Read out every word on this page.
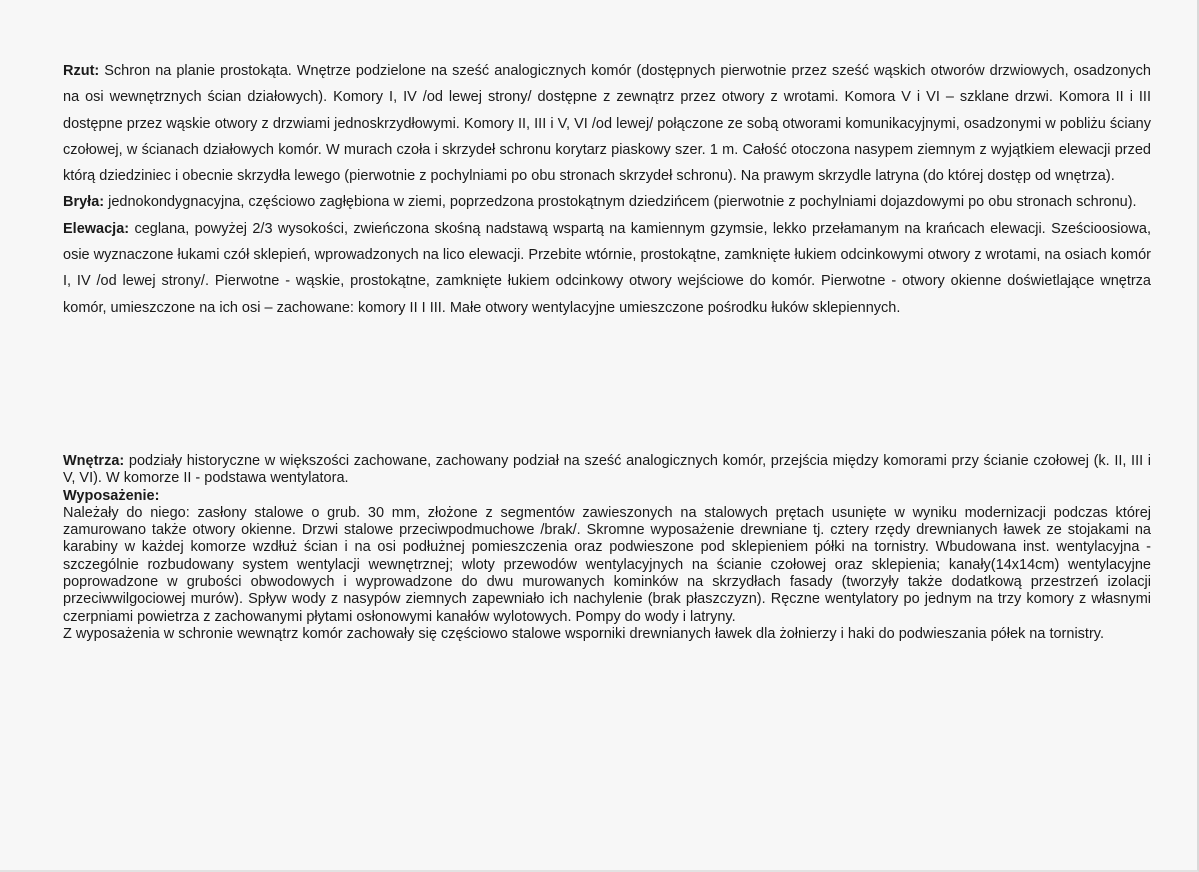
Rzut: Schron na planie prostokąta. Wnętrze podzielone na sześć analogicznych komór (dostępnych pierwotnie przez sześć wąskich otworów drzwiowych, osadzonych na osi wewnętrznych ścian działowych). Komory I, IV /od lewej strony/ dostępne z zewnątrz przez otwory z wrotami. Komora V i VI – szklane drzwi. Komora II i III dostępne przez wąskie otwory z drzwiami jednoskrzydłowymi. Komory II, III i V, VI /od lewej/ połączone ze sobą otworami komunikacyjnymi, osadzonymi w pobliżu ściany czołowej, w ścianach działowych komór. W murach czoła i skrzydeł schronu korytarz piaskowy szer. 1 m. Całość otoczona nasypem ziemnym z wyjątkiem elewacji przed którą dziedziniec i obecnie skrzydła lewego (pierwotnie z pochylniami po obu stronach skrzydeł schronu). Na prawym skrzydle latryna (do której dostęp od wnętrza).

Bryła: jednokondygnacyjna, częściowo zagłębiona w ziemi, poprzedzona prostokątnym dziedzińcem (pierwotnie z pochylniami dojazdowymi po obu stronach schronu).

Elewacja: ceglana, powyżej 2/3 wysokości, zwieńczona skośną nadstawą wspartą na kamiennym gzymsie, lekko przełamanym na krańcach elewacji. Sześcioosiowa, osie wyznaczone łukami czół sklepień, wprowadzonych na lico elewacji. Przebite wtórnie, prostokątne, zamknięte łukiem odcinkowymi otwory z wrotami, na osiach komór I, IV /od lewej strony/. Pierwotne - wąskie, prostokątne, zamknięte łukiem odcinkowy otwory wejściowe do komór. Pierwotne - otwory okienne doświetlające wnętrza komór, umieszczone na ich osi – zachowane: komory II I III. Małe otwory wentylacyjne umieszczone pośrodku łuków sklepiennych.

Wnętrza: podziały historyczne w większości zachowane, zachowany podział na sześć analogicznych komór, przejścia między komorami przy ścianie czołowej (k. II, III i V, VI). W komorze II - podstawa wentylatora.

Wyposażenie:

Należały do niego: zasłony stalowe o grub. 30 mm, złożone z segmentów zawieszonych na stalowych prętach usunięte w wyniku modernizacji podczas której zamurowano także otwory okienne. Drzwi stalowe przeciwpodmuchowe /brak/. Skromne wyposażenie drewniane tj. cztery rzędy drewnianych ławek ze stojakami na karabiny w każdej komorze wzdłuż ścian i na osi podłużnej pomieszczenia oraz podwieszone pod sklepieniem półki na tornistry. Wbudowana inst. wentylacyjna - szczególnie rozbudowany system wentylacji wewnętrznej; wloty przewodów wentylacyjnych na ścianie czołowej oraz sklepienia; kanały(14x14cm) wentylacyjne poprowadzone w grubości obwodowych i wyprowadzone do dwu murowanych kominków na skrzydłach fasady (tworzyły także dodatkową przestrzeń izolacji przeciwwilgociowej murów). Spływ wody z nasypów ziemnych zapewniało ich nachylenie (brak płaszczyzn). Ręczne wentylatory po jednym na trzy komory z własnymi czerpniami powietrza z zachowanymi płytami osłonowymi kanałów wylotowych. Pompy do wody i latryny.

Z wyposażenia w schronie wewnątrz komór zachowały się częściowo stalowe wsporniki drewnianych ławek dla żołnierzy i haki do podwieszania półek na tornistry.
